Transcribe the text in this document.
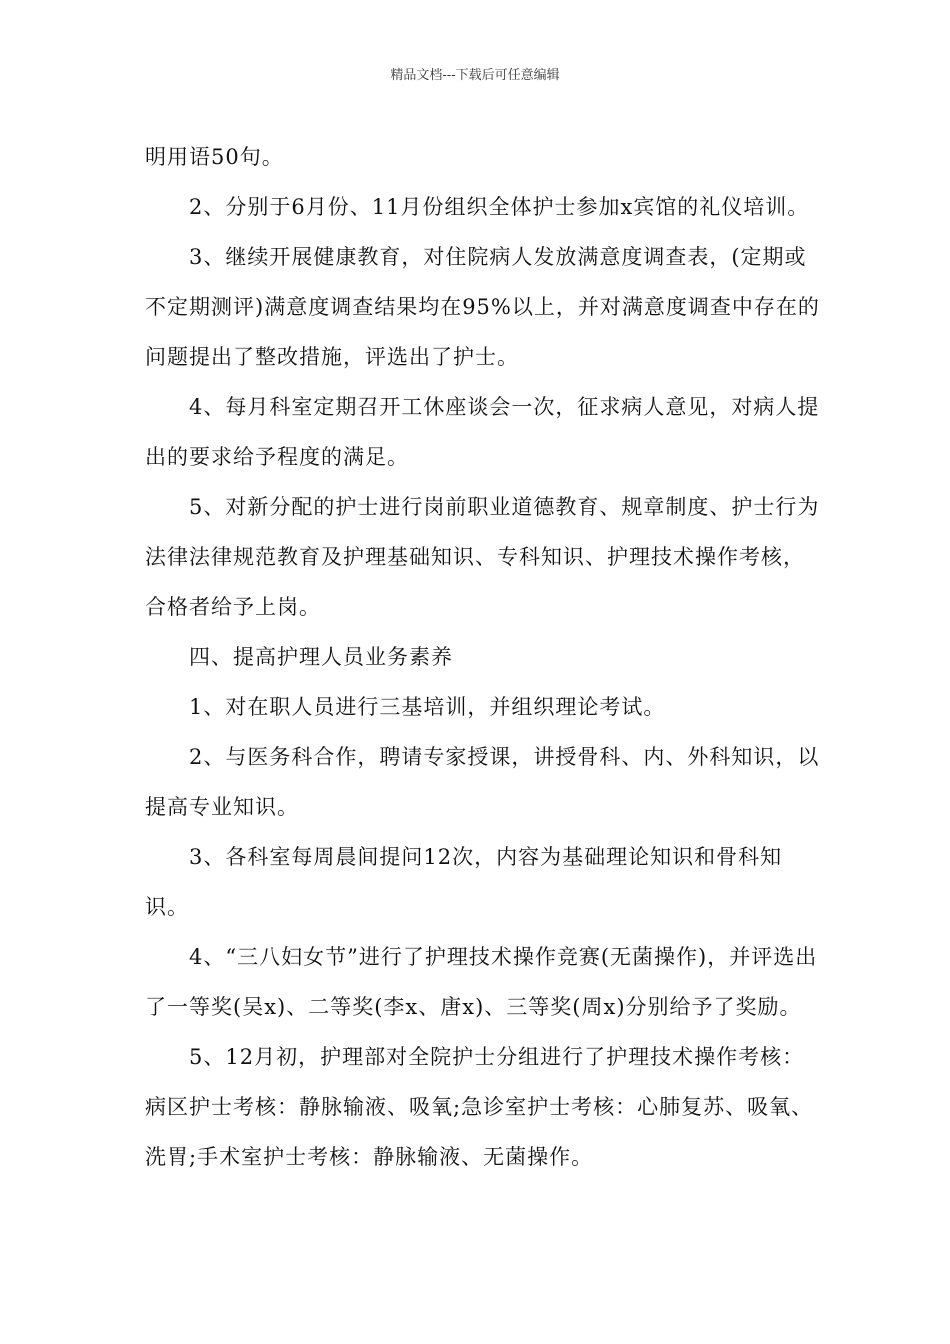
精品文档---下载后可任意编辑

明用语50句。

2、分别于6月份、11月份组织全体护士参加x宾馆的礼仪培训。

3、继续开展健康教育，对住院病人发放满意度调查表，(定期或不定期测评)满意度调查结果均在95%以上，并对满意度调查中存在的问题提出了整改措施，评选出了护士。

4、每月科室定期召开工休座谈会一次，征求病人意见，对病人提出的要求给予程度的满足。

5、对新分配的护士进行岗前职业道德教育、规章制度、护士行为法律法律规范教育及护理基础知识、专科知识、护理技术操作考核，合格者给予上岗。

四、提高护理人员业务素养

1、对在职人员进行三基培训，并组织理论考试。

2、与医务科合作，聘请专家授课，讲授骨科、内、外科知识，以提高专业知识。

3、各科室每周晨间提问12次，内容为基础理论知识和骨科知识。

4、“三八妇女节”进行了护理技术操作竞赛(无菌操作)，并评选出了一等奖(吴x)、二等奖(李x、唐x)、三等奖(周x)分别给予了奖励。

5、12月初，护理部对全院护士分组进行了护理技术操作考核：病区护士考核：静脉输液、吸氧;急诊室护士考核：心肺复苏、吸氧、洗胃;手术室护士考核：静脉输液、无菌操作。
